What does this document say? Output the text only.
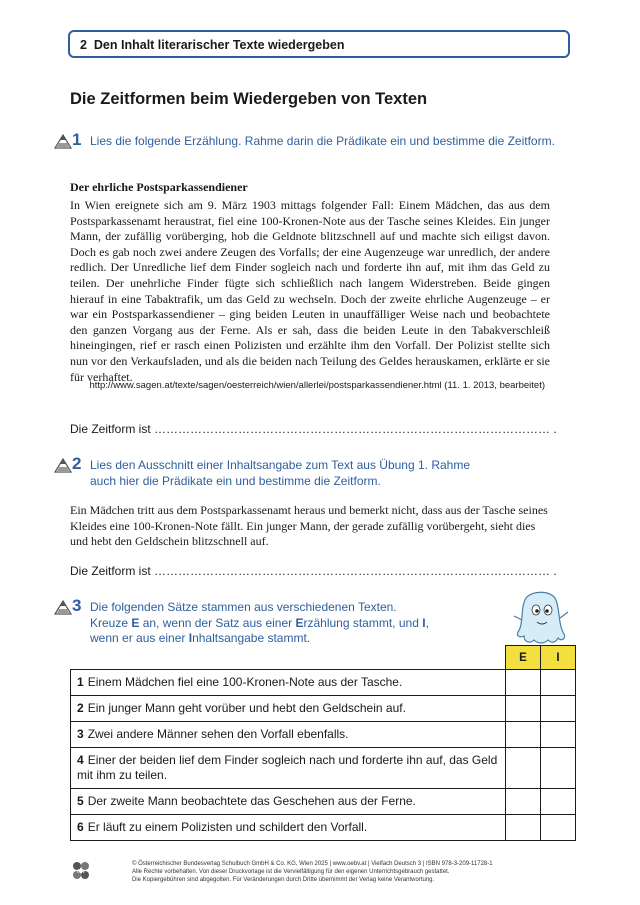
2 Den Inhalt literarischer Texte wiedergeben
Die Zeitformen beim Wiedergeben von Texten
1 Lies die folgende Erzählung. Rahme darin die Prädikate ein und bestimme die Zeitform.
Der ehrliche Postsparkassendiener
In Wien ereignete sich am 9. März 1903 mittags folgender Fall: Einem Mädchen, das aus dem Postsparkassenamt heraustrat, fiel eine 100-Kronen-Note aus der Tasche seines Kleides. Ein junger Mann, der zufällig vorüberging, hob die Geldnote blitzschnell auf und machte sich eiligst davon. Doch es gab noch zwei andere Zeugen des Vorfalls; der eine Augenzeuge war unredlich, der andere redlich. Der Unredliche lief dem Finder sogleich nach und forderte ihn auf, mit ihm das Geld zu teilen. Der unehrliche Finder fügte sich schließlich nach langem Widerstreben. Beide gingen hierauf in eine Tabaktrafik, um das Geld zu wechseln. Doch der zweite ehrliche Augenzeuge – er war ein Postsparkassendiener – ging beiden Leuten in unauffälliger Weise nach und beobachtete den ganzen Vorgang aus der Ferne. Als er sah, dass die beiden Leute in den Tabakverschleiß hineingingen, rief er rasch einen Polizisten und erzählte ihm den Vorfall. Der Polizist stellte sich nun vor den Verkaufsladen, und als die beiden nach Teilung des Geldes herauskamen, erklärte er sie für verhaftet.
http://www.sagen.at/texte/sagen/oesterreich/wien/allerlei/postsparkassendiener.html (11. 1. 2013, bearbeitet)
Die Zeitform ist ……………………………………………………………………………………… .
2 Lies den Ausschnitt einer Inhaltsangabe zum Text aus Übung 1. Rahme auch hier die Prädikate ein und bestimme die Zeitform.
Ein Mädchen tritt aus dem Postsparkassenamt heraus und bemerkt nicht, dass aus der Tasche seines Kleides eine 100-Kronen-Note fällt. Ein junger Mann, der gerade zufällig vorübergeht, sieht dies und hebt den Geldschein blitzschnell auf.
Die Zeitform ist ……………………………………………………………………………………… .
3 Die folgenden Sätze stammen aus verschiedenen Texten.
Kreuze E an, wenn der Satz aus einer Erzählung stammt, und I,
wenn er aus einer Inhaltsangabe stammt.
	E	I
1 Einem Mädchen fiel eine 100-Kronen-Note aus der Tasche.		
2 Ein junger Mann geht vorüber und hebt den Geldschein auf.		
3 Zwei andere Männer sehen den Vorfall ebenfalls.		
4 Einer der beiden lief dem Finder sogleich nach und forderte ihn auf, das Geld mit ihm zu teilen.		
5 Der zweite Mann beobachtete das Geschehen aus der Ferne.		
6 Er läuft zu einem Polizisten und schildert den Vorfall.		
öbv
© Österreichischer Bundesverlag Schulbuch GmbH & Co. KG, Wien 2025 | www.oebv.at | Vielfach Deutsch 3 | ISBN 978-3-209-11728-1
Alle Rechte vorbehalten. Von dieser Druckvorlage ist die Vervielfältigung für den eigenen Unterrichtsgebrauch gestattet.
Die Kopiergebühren sind abgegolten. Für Veränderungen durch Dritte übernimmt der Verlag keine Verantwortung.
